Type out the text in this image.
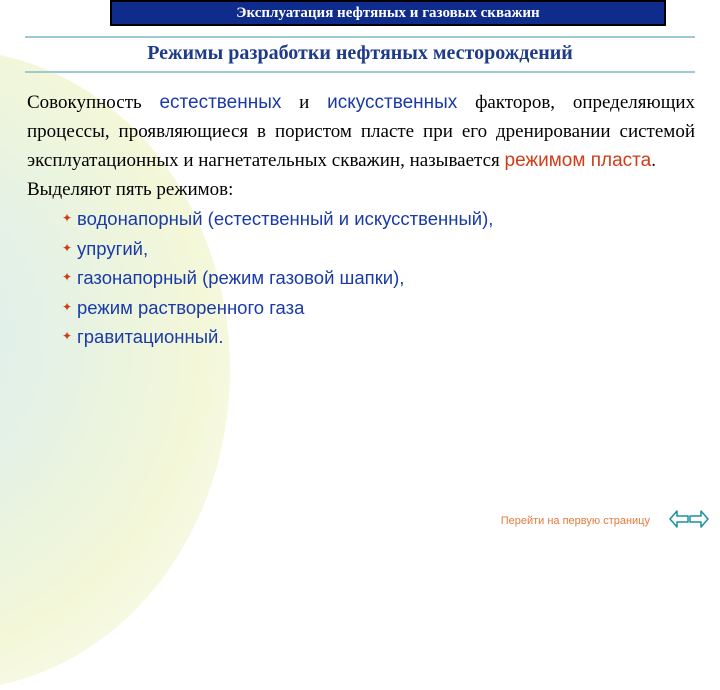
Эксплуатация нефтяных и газовых скважин
Режимы разработки нефтяных месторождений

Совокупность естественных и искусственных факторов, определяющих процессы, проявляющиеся в пористом пласте при его дренировании системой эксплуатационных и нагнетательных скважин, называется режимом пласта.

Выделяют пять режимов:

✦ водонапорный (естественный и искусственный),
✦ упругий,
✦ газонапорный (режим газовой шапки),
✦ режим растворенного газа
✦ гравитационный.
Перейти на первую страницу
